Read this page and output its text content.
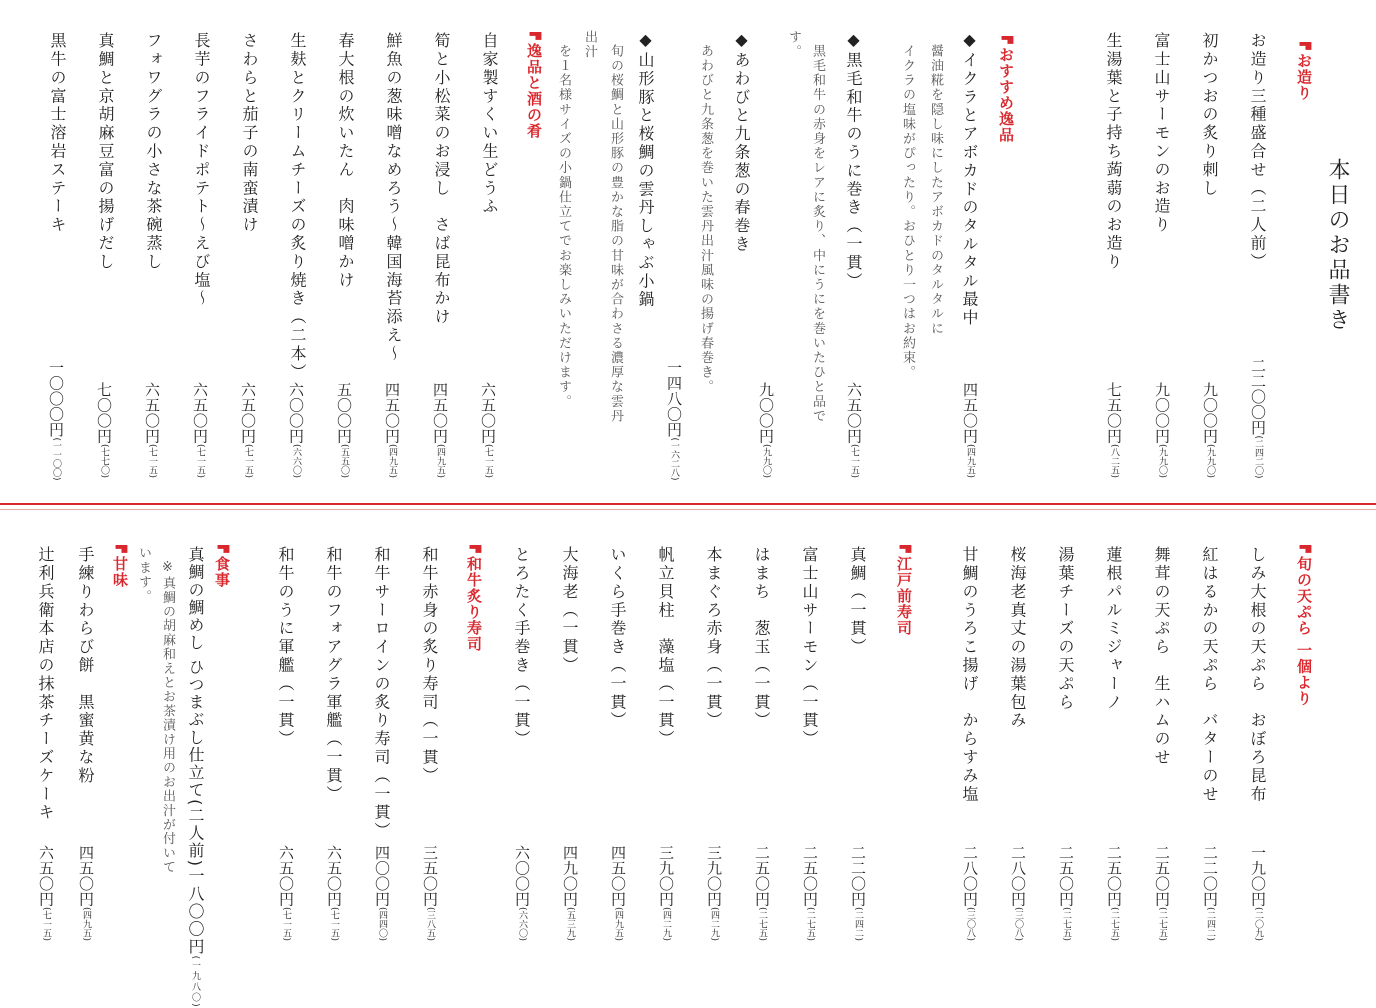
本日のお品書き
▛お造り
お造り三種盛合せ（二人前）
二二〇〇円(二四二〇)
初かつおの炙り刺し
九〇〇円(九九〇)
富士山サーモンのお造り
九〇〇円(九九〇)
生湯葉と子持ち蒟蒻のお造り
七五〇円(八二五)
▛おすすめ逸品
◆イクラとアボカドのタルタル最中
醤油糀を隠し味にしたアボカドのタルタルに
イクラの塩味がぴったり。おひとり一つはお約束。
四五〇円(四九五)
◆黒毛和牛のうに巻き（一貫）
黒毛和牛の赤身をレアに炙り、中にうにを巻いたひと品で
す。
六五〇円(七一五)
◆あわびと九条葱の春巻き
あわびと九条葱を巻いた雲丹出汁風味の揚げ春巻き。
九〇〇円(九九〇)
◆山形豚と桜鯛の雲丹しゃぶ小鍋
旬の桜鯛と山形豚の豊かな脂の甘味が合わさる濃厚な雲丹
出汁
を１名様サイズの小鍋仕立てでお楽しみいただけます。	一四八〇円(一六二八)
▛逸品と酒の肴
自家製すくい生どうふ
六五〇円(七一五)
筍と小松菜のお浸し　さば昆布かけ
四五〇円(四九五)
鮮魚の葱味噌なめろう～韓国海苔添え～
四五〇円(四九五)
春大根の炊いたん　肉味噌かけ
五〇〇円(五五〇)
生麸とクリームチーズの炙り焼き（二本）
六〇〇円(六六〇)
さわらと茄子の南蛮漬け
六五〇円(七一五)
長芋のフライドポテト～えび塩～
六五〇円(七一五)
フォワグラの小さな茶碗蒸し
六五〇円(七一五)
真鯛と京胡麻豆富の揚げだし
七〇〇円(七七〇)
黒牛の富士溶岩ステーキ
一〇〇〇円(一一〇〇)
▛旬の天ぷら 一個より
しみ大根の天ぷら　おぼろ昆布
一九〇円(二〇九)
紅はるかの天ぷら　バターのせ
二二〇円(二四二)
舞茸の天ぷら　生ハムのせ
二五〇円(二七五)
蓮根パルミジャーノ
二五〇円(二七五)
湯葉チーズの天ぷら
二五〇円(二七五)
桜海老真丈の湯葉包み
二八〇円(三〇八)
甘鯛のうろこ揚げ　からすみ塩
二八〇円(三〇八)
▛江戸前寿司
真鯛（一貫）
二二〇円(二四二)
富士山サーモン（一貫）
二五〇円(二七五)
はまち　葱玉（一貫）
二五〇円(二七五)
本まぐろ赤身（一貫）
三九〇円(四二九)
帆立貝柱　藻塩（一貫）
三九〇円(四二九)
いくら手巻き（一貫）
四五〇円(四九五)
大海老（一貫）
四九〇円(五三九)
とろたく手巻き（一貫）
六〇〇円(六六〇)
▛和牛炙り寿司
和牛赤身の炙り寿司（一貫）
三五〇円(三八五)
和牛サーロインの炙り寿司（一貫）
四〇〇円(四四〇)
和牛のフォアグラ軍艦（一貫）
六五〇円(七一五)
和牛のうに軍艦（一貫）
六五〇円(七一五)
▛食事
真鯛の鯛めし ひつまぶし仕立て(二人前)一八〇〇円(一九八〇)
※真鯛の胡麻和えとお茶漬け用のお出汁が付いて
います。
▛甘味
手練りわらび餅　黒蜜黄な粉
四五〇円(四九五)
辻利兵衛本店の抹茶チーズケーキ
六五〇円(七一五)
